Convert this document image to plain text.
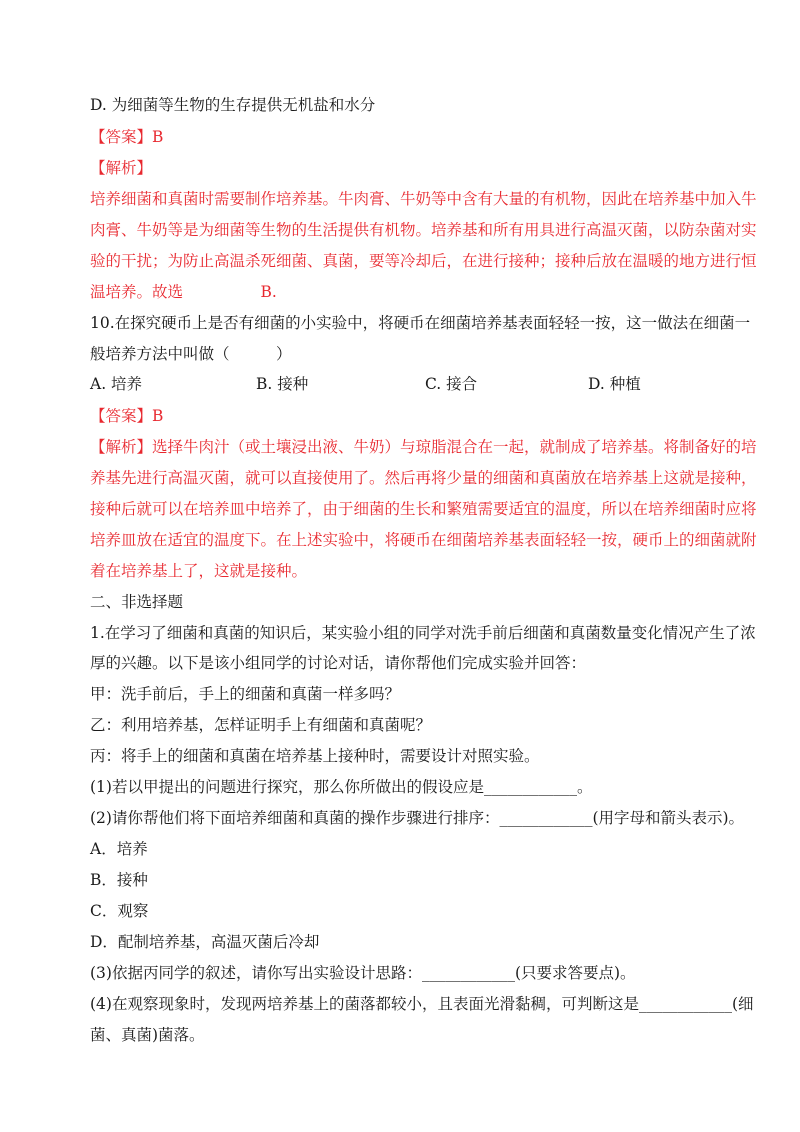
D. 为细菌等生物的生存提供无机盐和水分
【答案】B
【解析】
培养细菌和真菌时需要制作培养基。牛肉膏、牛奶等中含有大量的有机物，因此在培养基中加入牛
肉膏、牛奶等是为细菌等生物的生活提供有机物。培养基和所有用具进行高温灭菌，以防杂菌对实
验的干扰；为防止高温杀死细菌、真菌，要等冷却后，在进行接种；接种后放在温暖的地方进行恒
温培养。故选　　　　　B.
10.在探究硬币上是否有细菌的小实验中，将硬币在细菌培养基表面轻轻一按，这一做法在细菌一
般培养方法中叫做（　　　）
A. 培养	B. 接种	C. 接合	D. 种植
【答案】B
【解析】选择牛肉汁（或土壤浸出液、牛奶）与琼脂混合在一起，就制成了培养基。将制备好的培
养基先进行高温灭菌，就可以直接使用了。然后再将少量的细菌和真菌放在培养基上这就是接种，
接种后就可以在培养皿中培养了，由于细菌的生长和繁殖需要适宜的温度，所以在培养细菌时应将
培养皿放在适宜的温度下。在上述实验中，将硬币在细菌培养基表面轻轻一按，硬币上的细菌就附
着在培养基上了，这就是接种。
二、非选择题
1.在学习了细菌和真菌的知识后，某实验小组的同学对洗手前后细菌和真菌数量变化情况产生了浓
厚的兴趣。以下是该小组同学的讨论对话，请你帮他们完成实验并回答：
甲：洗手前后，手上的细菌和真菌一样多吗？
乙：利用培养基，怎样证明手上有细菌和真菌呢？
丙：将手上的细菌和真菌在培养基上接种时，需要设计对照实验。
(1)若以甲提出的问题进行探究，那么你所做出的假设应是____________。
(2)请你帮他们将下面培养细菌和真菌的操作步骤进行排序：____________(用字母和箭头表示)。
A．培养
B．接种
C．观察
D．配制培养基，高温灭菌后冷却
(3)依据丙同学的叙述，请你写出实验设计思路：____________(只要求答要点)。
(4)在观察现象时，发现两培养基上的菌落都较小，且表面光滑黏稠，可判断这是____________(细
菌、真菌)菌落。
